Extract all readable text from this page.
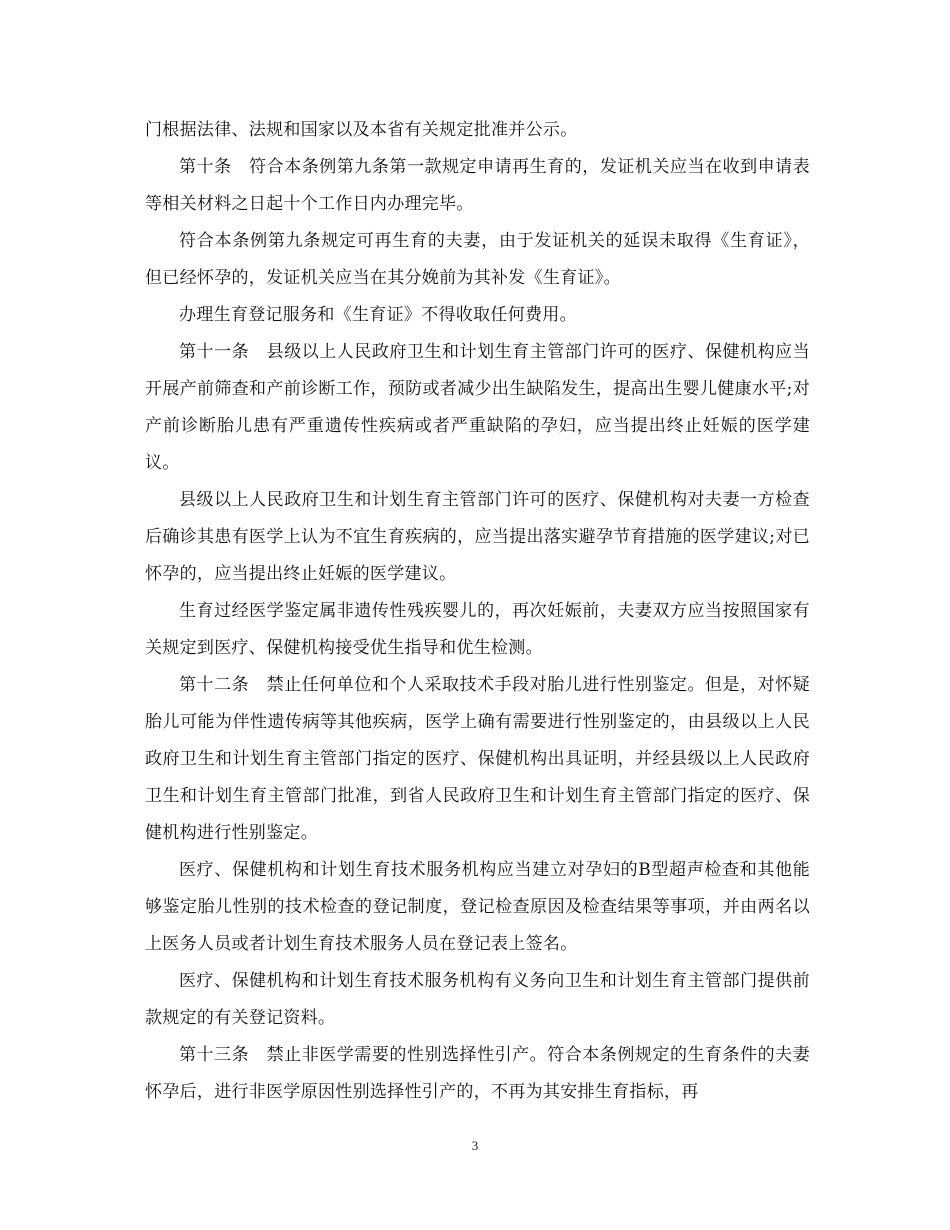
门根据法律、法规和国家以及本省有关规定批准并公示。

第十条　符合本条例第九条第一款规定申请再生育的，发证机关应当在收到申请表等相关材料之日起十个工作日内办理完毕。

符合本条例第九条规定可再生育的夫妻，由于发证机关的延误未取得《生育证》，但已经怀孕的，发证机关应当在其分娩前为其补发《生育证》。

办理生育登记服务和《生育证》不得收取任何费用。

第十一条　县级以上人民政府卫生和计划生育主管部门许可的医疗、保健机构应当开展产前筛查和产前诊断工作，预防或者减少出生缺陷发生，提高出生婴儿健康水平;对产前诊断胎儿患有严重遗传性疾病或者严重缺陷的孕妇，应当提出终止妊娠的医学建议。

县级以上人民政府卫生和计划生育主管部门许可的医疗、保健机构对夫妻一方检查后确诊其患有医学上认为不宜生育疾病的，应当提出落实避孕节育措施的医学建议;对已怀孕的，应当提出终止妊娠的医学建议。

生育过经医学鉴定属非遗传性残疾婴儿的，再次妊娠前，夫妻双方应当按照国家有关规定到医疗、保健机构接受优生指导和优生检测。

第十二条　禁止任何单位和个人采取技术手段对胎儿进行性别鉴定。但是，对怀疑胎儿可能为伴性遗传病等其他疾病，医学上确有需要进行性别鉴定的，由县级以上人民政府卫生和计划生育主管部门指定的医疗、保健机构出具证明，并经县级以上人民政府卫生和计划生育主管部门批准，到省人民政府卫生和计划生育主管部门指定的医疗、保健机构进行性别鉴定。

医疗、保健机构和计划生育技术服务机构应当建立对孕妇的B型超声检查和其他能够鉴定胎儿性别的技术检查的登记制度，登记检查原因及检查结果等事项，并由两名以上医务人员或者计划生育技术服务人员在登记表上签名。

医疗、保健机构和计划生育技术服务机构有义务向卫生和计划生育主管部门提供前款规定的有关登记资料。

第十三条　禁止非医学需要的性别选择性引产。符合本条例规定的生育条件的夫妻怀孕后，进行非医学原因性别选择性引产的，不再为其安排生育指标，再

3
